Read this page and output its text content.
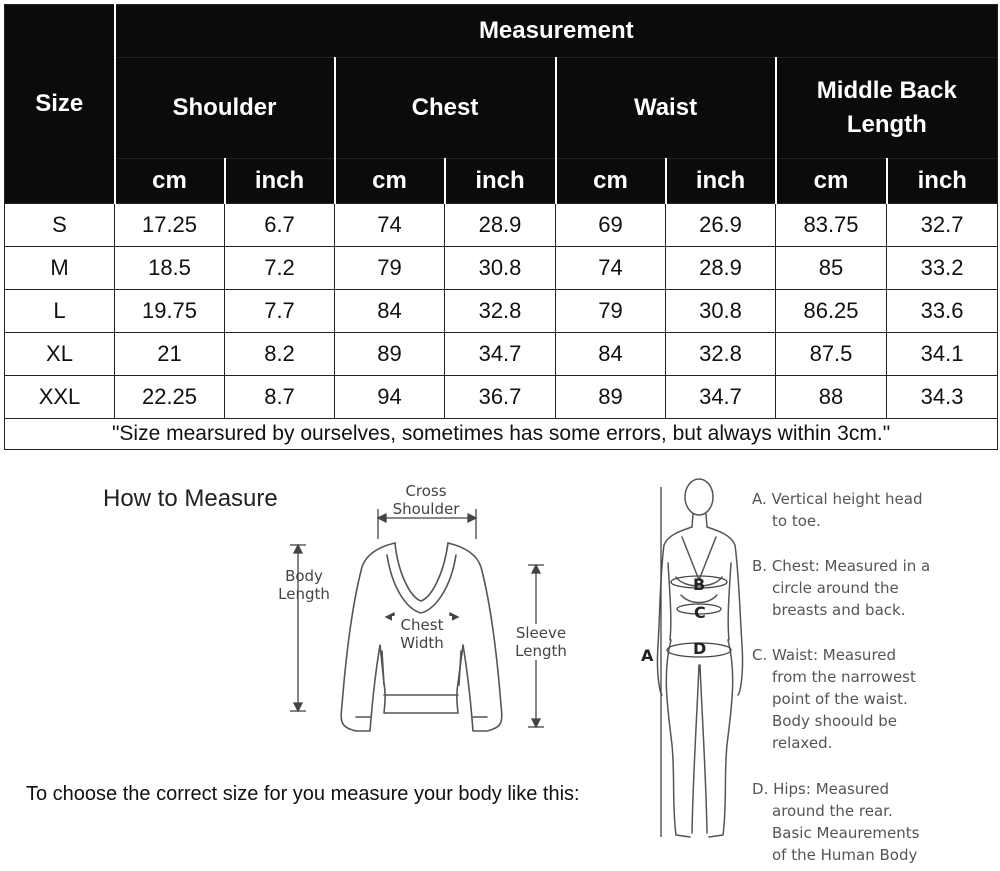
Size	Measurement							
	Shoulder		Chest		Waist		Middle Back Length	
	cm	inch	cm	inch	cm	inch	cm	inch
S	17.25	6.7	74	28.9	69	26.9	83.75	32.7
M	18.5	7.2	79	30.8	74	28.9	85	33.2
L	19.75	7.7	84	32.8	79	30.8	86.25	33.6
XL	21	8.2	89	34.7	84	32.8	87.5	34.1
XXL	22.25	8.7	94	36.7	89	34.7	88	34.3
"Size mearsured by ourselves, sometimes has some errors, but always within 3cm."								
How to Measure
To choose the correct size for you measure your body like this:
Cross
Shoulder
Body
Length
Chest
Width
Sleeve
Length
B
C
A D
A. Vertical height head
to toe.
B. Chest: Measured in a
circle around the
breasts and back.
C. Waist: Measured
from the narrowest
point of the waist.
Body shoould be
relaxed.
D. Hips: Measured
around the rear.
Basic Meaurements
of the Human Body
